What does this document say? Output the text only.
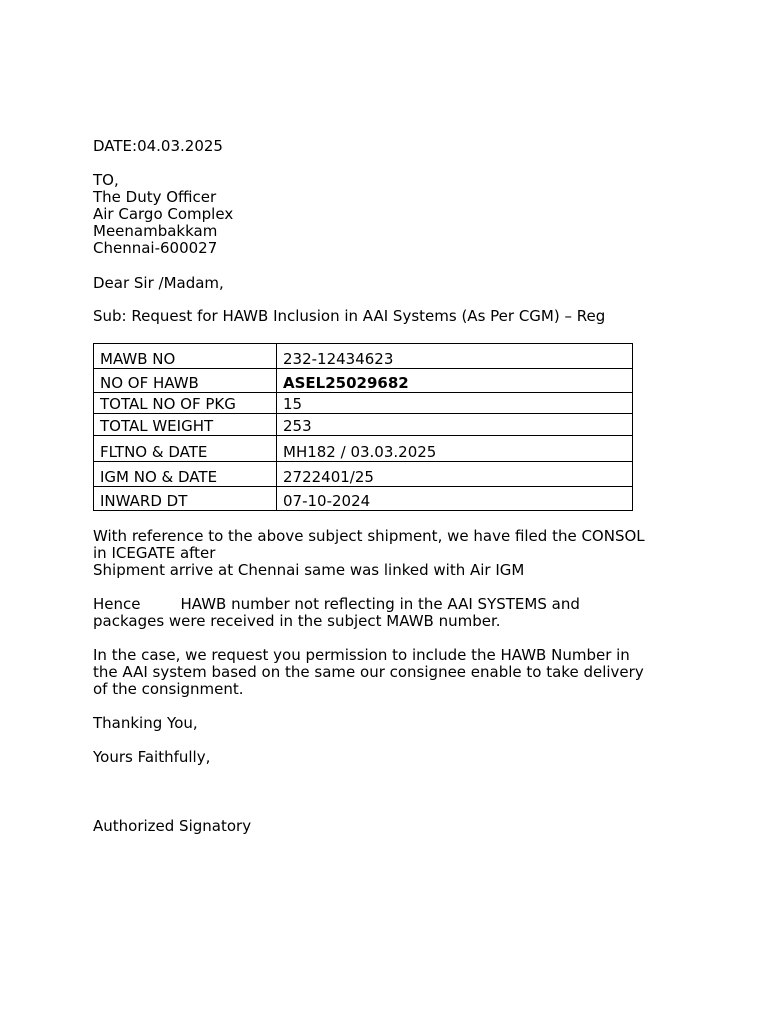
DATE:04.03.2025
TO,
The Duty Officer
Air Cargo Complex
Meenambakkam
Chennai-600027
Dear Sir /Madam,
Sub: Request for HAWB Inclusion in AAI Systems (As Per CGM) – Reg
MAWB NO	232-12434623
NO OF HAWB	ASEL25029682
TOTAL NO OF PKG	15
TOTAL WEIGHT	253
FLTNO & DATE	MH182 / 03.03.2025
IGM NO & DATE	2722401/25
INWARD DT	07-10-2024
With reference to the above subject shipment, we have filed the CONSOL
in ICEGATE after
Shipment arrive at Chennai same was linked with Air IGM
Hence	HAWB number not reflecting in the AAI SYSTEMS and
packages were received in the subject MAWB number.
In the case, we request you permission to include the HAWB Number in
the AAI system based on the same our consignee enable to take delivery
of the consignment.
Thanking You,
Yours Faithfully,
Authorized Signatory
